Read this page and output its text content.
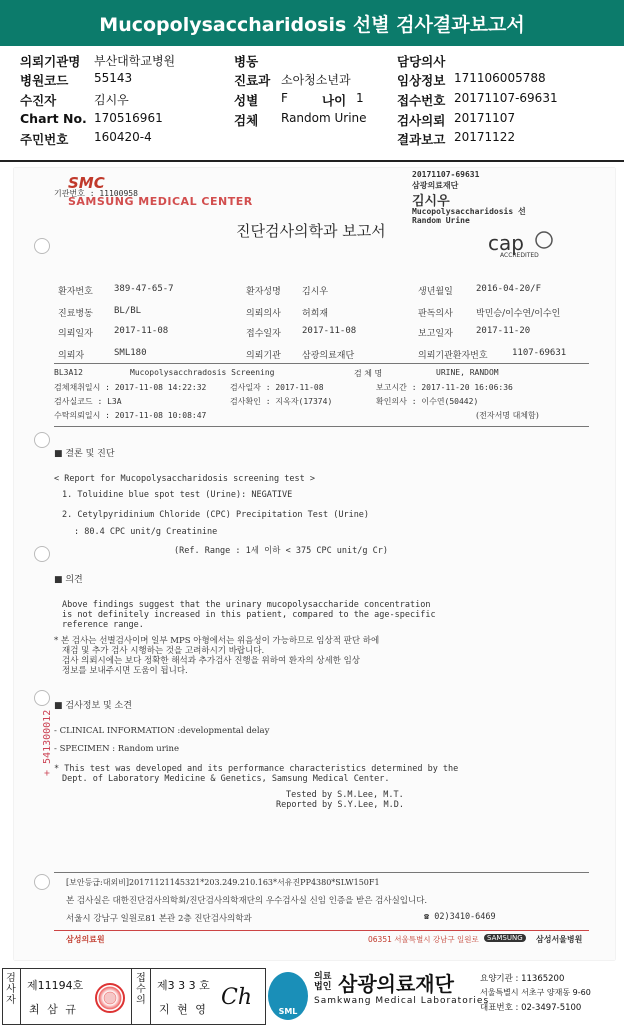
Mucopolysaccharidosis 선별 검사결과보고서
의뢰기관명 부산대학교병원
병원코드 55143
수진자	김시우
Chart No. 170516961
주민번호 160420-4
병동
진료과 소아청소년과
성별 F	나이 1
검체 Random Urine
담당의사
임상정보 171106005788
접수번호 20171107-69631
검사의뢰 20171107
결과보고 20171122
SMC
기관번호 : 11100958
SAMSUNG MEDICAL CENTER
20171107-69631
삼광의료재단
김시우
Mucopolysaccharidosis 선
Random Urine
진단검사의학과 보고서	cap
ACCREDITED
환자번호 389-47-65-7	환자성명 김시우	생년월일	2016-04-20/F
진료병동 BL/BL	의뢰의사 허희재	판독의사	박민승/이수연/이수인
의뢰일자 2017-11-08	접수일자 2017-11-08	보고일자	2017-11-20
의뢰자	SML180	의뢰기관 삼광의료재단	의뢰기관환자번호	1107-69631
BL3A12	Mucopolysacchradosis Screening	검 체 명	URINE, RANDOM
검체채취일시 : 2017-11-08 14:22:32	검사일자 : 2017-11-08	보고시간 : 2017-11-20 16:06:36
검사실코드 : L3A	검사확인 : 지옥자(17374)	확인의사 : 이수연(50442)
수탁의뢰일시 : 2017-11-08 10:08:47	(전자서명 대체함)
■ 결론 및 진단
< Report for Mucopolysaccharidosis screening test >
1. Toluidine blue spot test (Urine): NEGATIVE
2. Cetylpyridinium Chloride (CPC) Precipitation Test (Urine)
: 80.4 CPC unit/g Creatinine
(Ref. Range : 1세 이하 < 375 CPC unit/g Cr)
■ 의견
Above findings suggest that the urinary mucopolysaccharide concentration
is not definitely increased in this patient, compared to the age-specific
reference range.
* 본 검사는 선별검사이며 일부 MPS 아형에서는 위음성이 가능하므로 임상적 판단 하에
재검 및 추가 검사 시행하는 것을 고려하시기 바랍니다.
검사 의뢰시에는 보다 정확한 해석과 추가검사 진행을 위하여 환자의 상세한 임상
정보를 보내주시면 도움이 됩니다.
■ 검사정보 및 소견
- CLINICAL INFORMATION :developmental delay
- SPECIMEN : Random urine
* This test was developed and its performance characteristics determined by the
Dept. of Laboratory Medicine & Genetics, Samsung Medical Center.
Tested by S.M.Lee, M.T.
Reported by S.Y.Lee, M.D.
+ 541300012
[보안등급:대외비]20171121145321*203.249.210.163*서유진PP4380*SLW150F1
본 검사실은 대한진단검사의학회/진단검사의학재단의 우수검사실 신임 인증을 받은 검사실입니다.
서울시 강남구 일원로81 본관 2층 진단검사의학과	☎ 02)3410-6469
삼성의료원	06351 서울특별시 강남구 일원로	SAMSUNG	삼성서울병원
검사자
제11194호
최 삼 규
접수의
제3 3 3 호
지 현 영 Ch
SML
의료
법인 삼광의료재단
Samkwang Medical Laboratories
요양기관 : 11365200
서울특별시 서초구 양재동 9-60
대표번호 : 02-3497-5100
